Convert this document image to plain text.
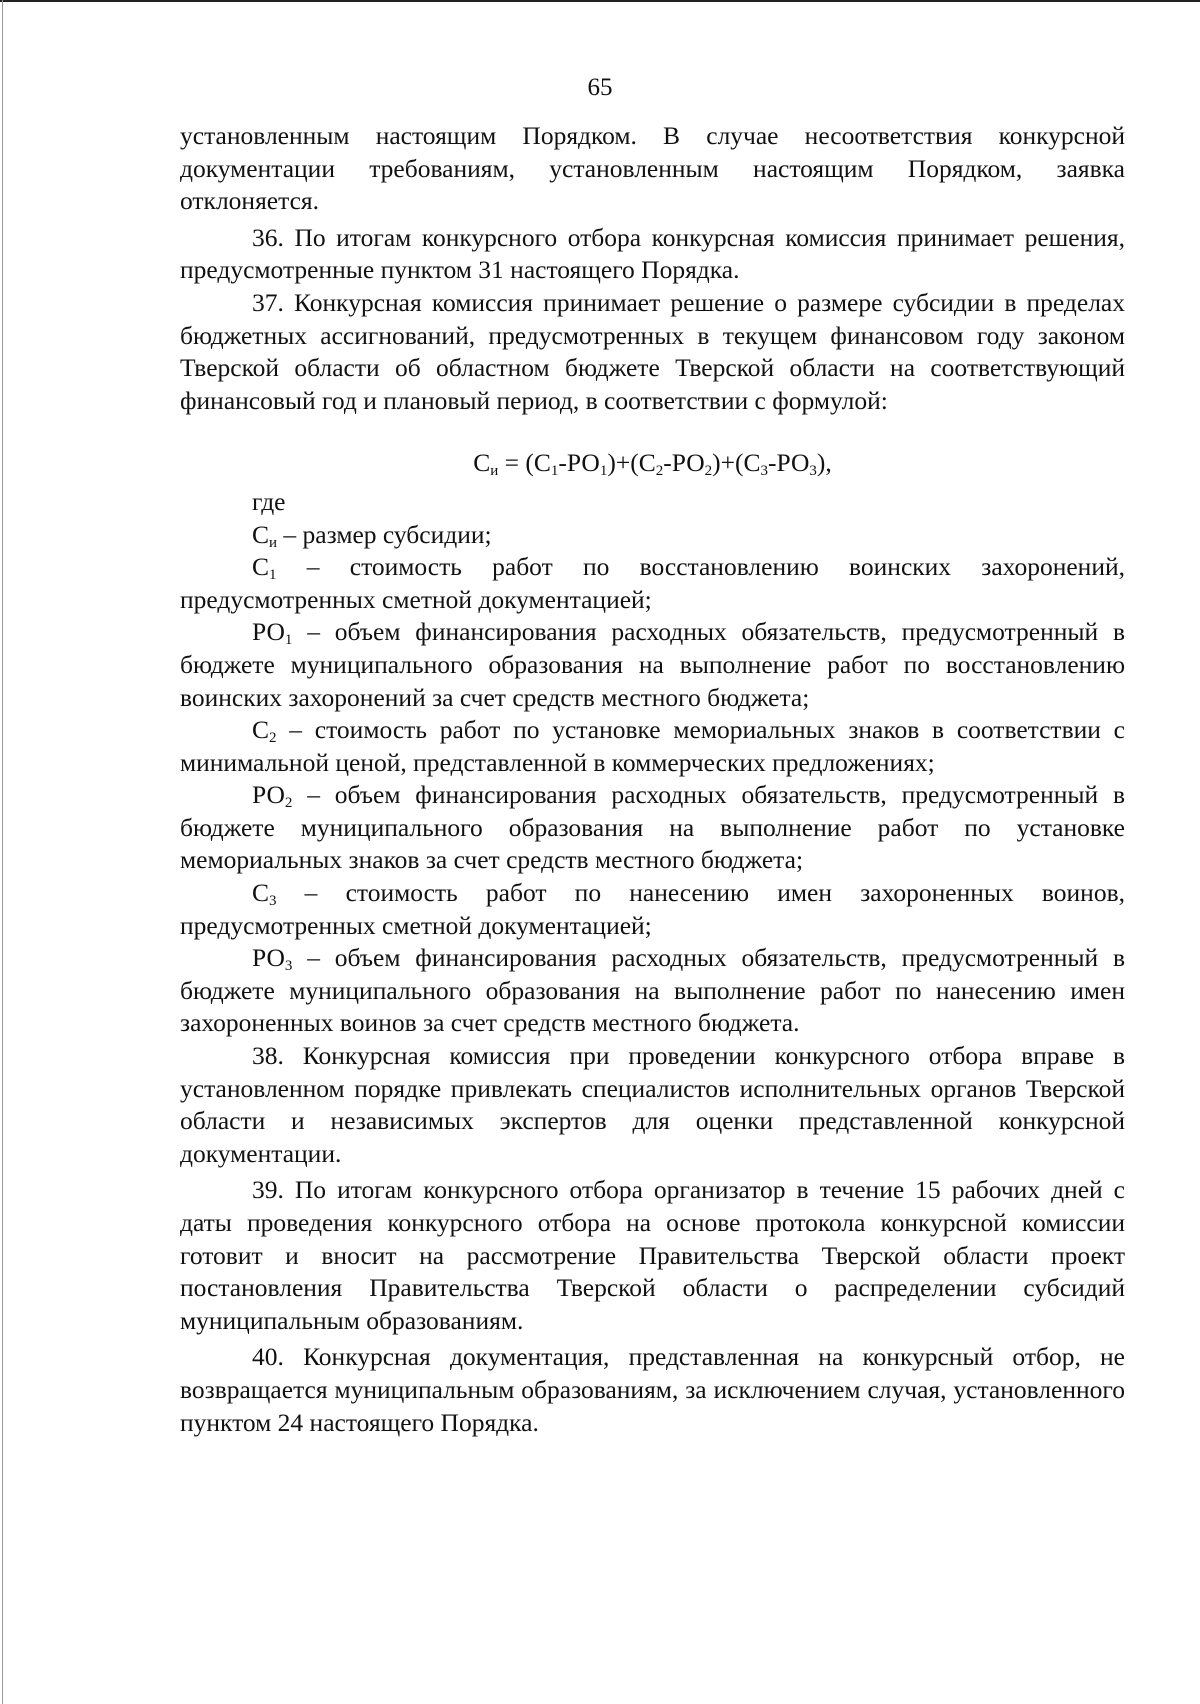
65

установленным настоящим Порядком. В случае несоответствия конкурсной документации требованиям, установленным настоящим Порядком, заявка отклоняется.

36. По итогам конкурсного отбора конкурсная комиссия принимает решения, предусмотренные пунктом 31 настоящего Порядка.

37. Конкурсная комиссия принимает решение о размере субсидии в пределах бюджетных ассигнований, предусмотренных в текущем финансовом году законом Тверской области об областном бюджете Тверской области на соответствующий финансовый год и плановый период, в соответствии с формулой:

$С_и = (С_1-РО_1)+(С_2-РО_2)+(С_3-РО_3)$,

где

$С_и$ – размер субсидии;

$С_1$ – стоимость работ по восстановлению воинских захоронений, предусмотренных сметной документацией;

$РО_1$ – объем финансирования расходных обязательств, предусмотренный в бюджете муниципального образования на выполнение работ по восстановлению воинских захоронений за счет средств местного бюджета;

$С_2$ – стоимость работ по установке мемориальных знаков в соответствии с минимальной ценой, представленной в коммерческих предложениях;

$РО_2$ – объем финансирования расходных обязательств, предусмотренный в бюджете муниципального образования на выполнение работ по установке мемориальных знаков за счет средств местного бюджета;

$С_3$ – стоимость работ по нанесению имен захороненных воинов, предусмотренных сметной документацией;

$РО_3$ – объем финансирования расходных обязательств, предусмотренный в бюджете муниципального образования на выполнение работ по нанесению имен захороненных воинов за счет средств местного бюджета.

38. Конкурсная комиссия при проведении конкурсного отбора вправе в установленном порядке привлекать специалистов исполнительных органов Тверской области и независимых экспертов для оценки представленной конкурсной документации.

39. По итогам конкурсного отбора организатор в течение 15 рабочих дней с даты проведения конкурсного отбора на основе протокола конкурсной комиссии готовит и вносит на рассмотрение Правительства Тверской области проект постановления Правительства Тверской области о распределении субсидий муниципальным образованиям.

40. Конкурсная документация, представленная на конкурсный отбор, не возвращается муниципальным образованиям, за исключением случая, установленного пунктом 24 настоящего Порядка.
